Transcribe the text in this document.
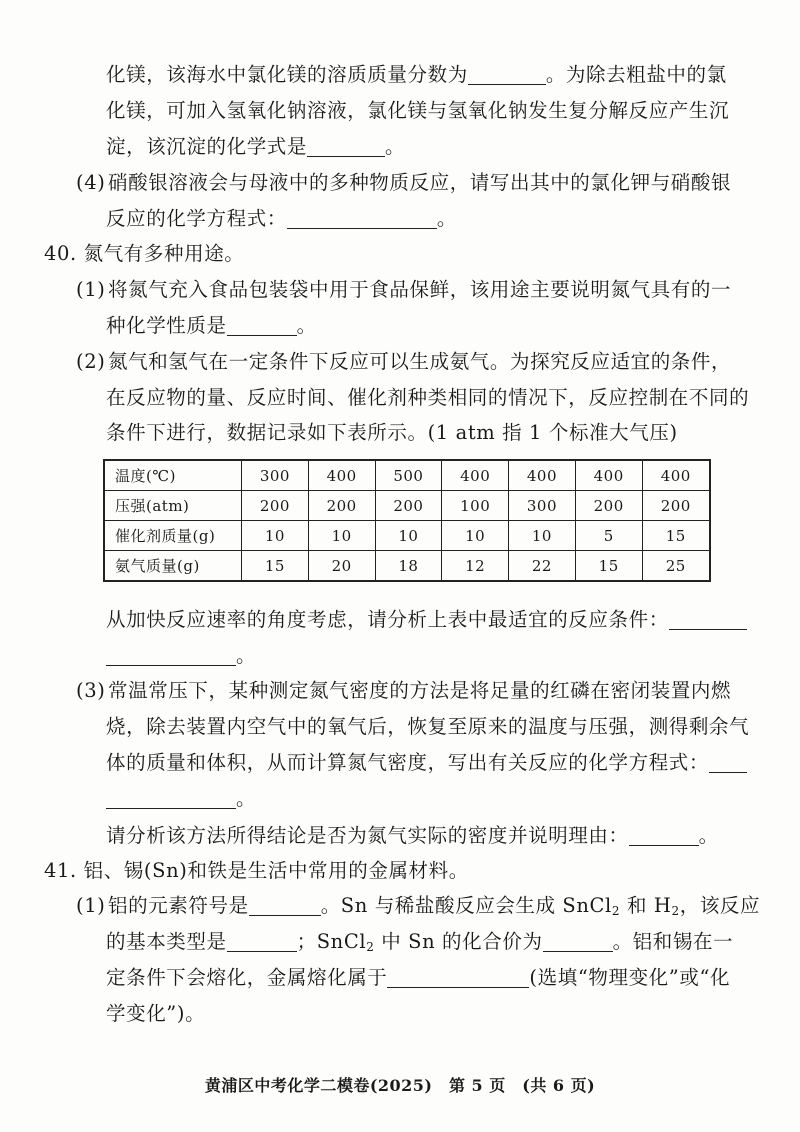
化镁，该海水中氯化镁的溶质质量分数为	。为除去粗盐中的氯
化镁，可加入氢氧化钠溶液，氯化镁与氢氧化钠发生复分解反应产生沉
淀，该沉淀的化学式是	。
(4) 硝酸银溶液会与母液中的多种物质反应，请写出其中的氯化钾与硝酸银
反应的化学方程式：	。
40. 氮气有多种用途。
(1) 将氮气充入食品包装袋中用于食品保鲜，该用途主要说明氮气具有的一
种化学性质是	。
(2) 氮气和氢气在一定条件下反应可以生成氨气。为探究反应适宜的条件，
在反应物的量、反应时间、催化剂种类相同的情况下，反应控制在不同的
条件下进行，数据记录如下表所示。(1 atm 指 1 个标准大气压)
温度(℃)	300	400	500	400	400	400	400
压强(atm)	200	200	200	100	300	200	200
催化剂质量(g)	10	10	10	10	10	5	15
氨气质量(g)	15	20	18	12	22	15	25
从加快反应速率的角度考虑，请分析上表中最适宜的反应条件：
。
(3) 常温常压下，某种测定氮气密度的方法是将足量的红磷在密闭装置内燃
烧，除去装置内空气中的氧气后，恢复至原来的温度与压强，测得剩余气
体的质量和体积，从而计算氮气密度，写出有关反应的化学方程式：
。
请分析该方法所得结论是否为氮气实际的密度并说明理由：	。
41. 铝、锡(Sn)和铁是生活中常用的金属材料。
(1) 铝的元素符号是	。Sn 与稀盐酸反应会生成 SnCl$_2$ 和 $H_2$，该反应
的基本类型是	；SnCl$_2$ 中 Sn 的化合价为	。铝和锡在一
定条件下会熔化，金属熔化属于	(选填“物理变化”或“化
学变化”)。
黄浦区中考化学二模卷(2025)　第 5 页　(共 6 页)
